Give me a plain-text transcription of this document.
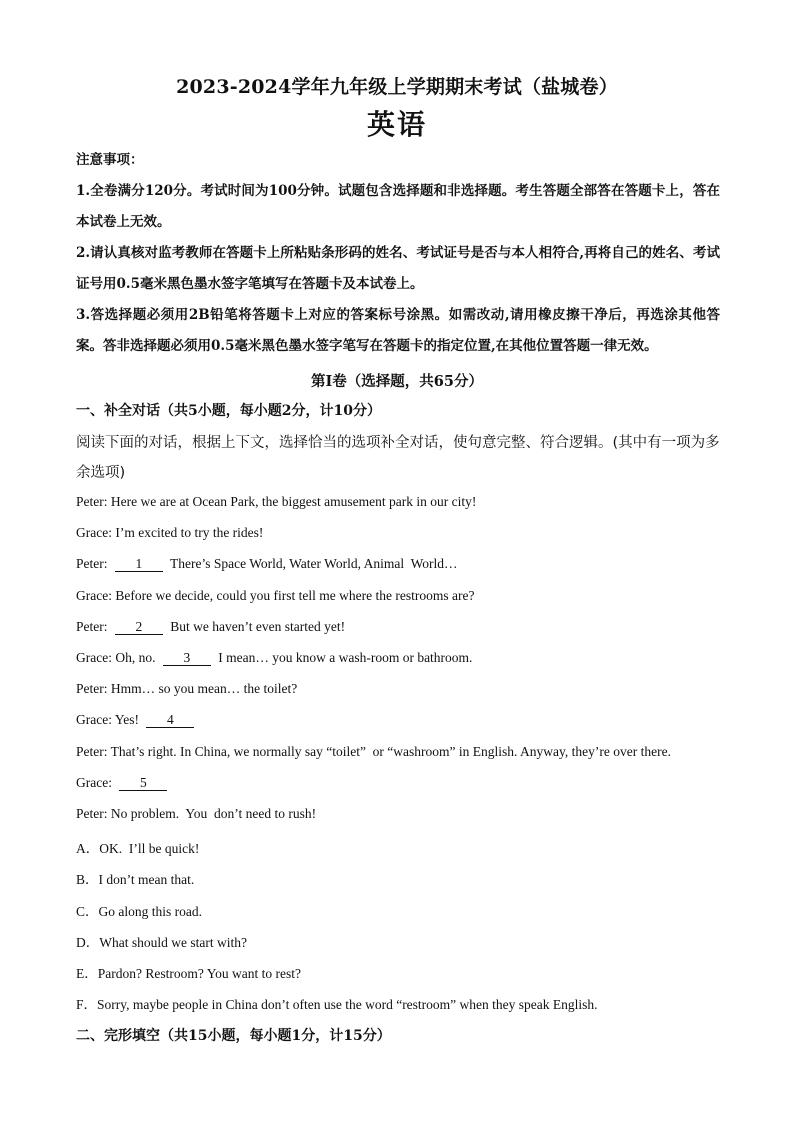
2023-2024学年九年级上学期期末考试（盐城卷）
英语

注意事项：

1.全卷满分120分。考试时间为100分钟。试题包含选择题和非选择题。考生答题全部答在答题卡上，答在本试卷上无效。

2.请认真核对监考教师在答题卡上所粘贴条形码的姓名、考试证号是否与本人相符合,再将自己的姓名、考试证号用0.5毫米黑色墨水签字笔填写在答题卡及本试卷上。

3.答选择题必须用2B铅笔将答题卡上对应的答案标号涂黑。如需改动,请用橡皮擦干净后，再选涂其他答案。答非选择题必须用0.5毫米黑色墨水签字笔写在答题卡的指定位置,在其他位置答题一律无效。

第Ⅰ卷（选择题，共65分）
一、补全对话（共5小题，每小题2分，计10分）
阅读下面的对话，根据上下文，选择恰当的选项补全对话，使句意完整、符合逻辑。(其中有一项为多余选项)
Peter: Here we are at Ocean Park, the biggest amusement park in our city!
Grace: I’m excited to try the rides!
Peter: 1 There’s Space World, Water World, Animal  World…
Grace: Before we decide, could you first tell me where the restrooms are?
Peter: 2 But we haven’t even started yet!
Grace: Oh, no. 3 I mean… you know a wash-room or bathroom.
Peter: Hmm… so you mean… the toilet?
Grace: Yes! 4
Peter: That’s right. In China, we normally say “toilet”  or “washroom” in English. Anyway, they’re over there.
Grace: 5
Peter: No problem.  You  don’t need to rush!
A．OK.  I’ll be quick!
B．I don’t mean that.
C．Go along this road.
D．What should we start with?
E．Pardon? Restroom? You want to rest?
F．Sorry, maybe people in China don’t often use the word “restroom” when they speak English.
二、完形填空（共15小题，每小题1分，计15分）
